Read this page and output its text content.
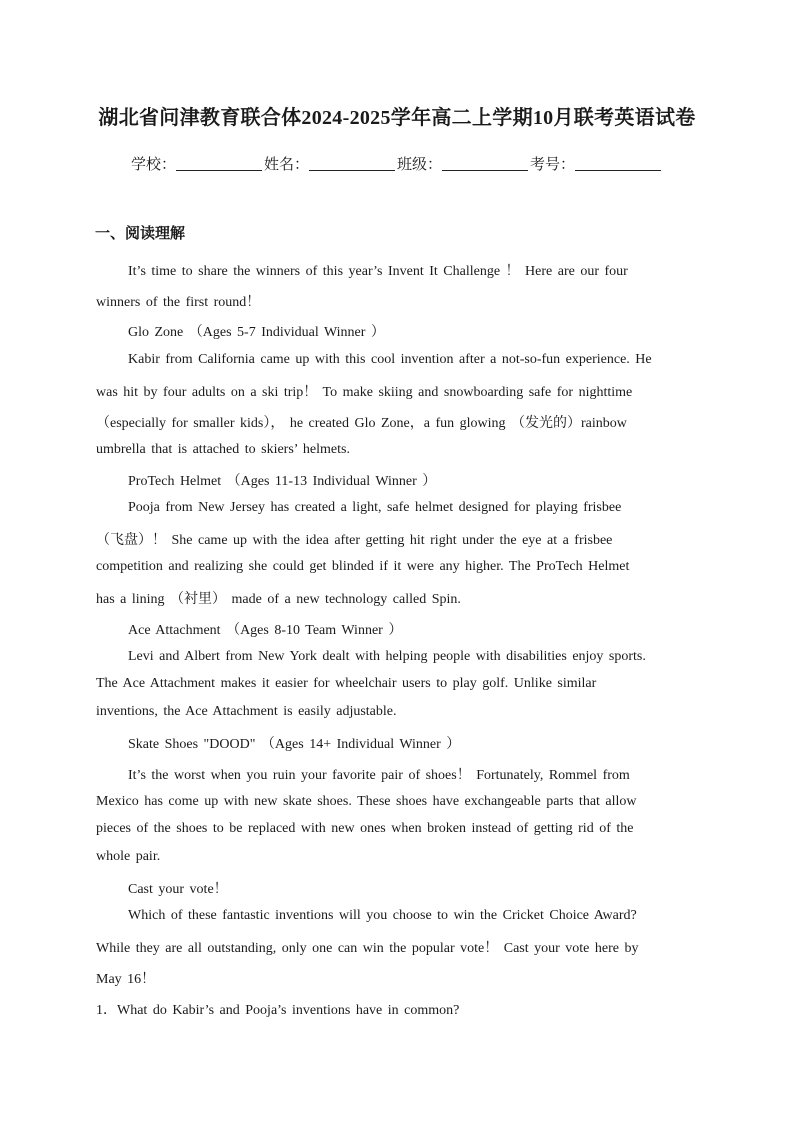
湖北省问津教育联合体2024-2025学年高二上学期10月联考英语试卷
学校：	姓名：	班级：	考号：
一、阅读理解
It’s time to share the winners of this year’s Invent It Challenge ！ Here are our four
winners of the first round！
Glo Zone （Ages 5-7 Individual Winner ）
Kabir from California came up with this cool invention after a not-so-fun experience. He
was hit by four adults on a ski trip！ To make skiing and snowboarding safe for nighttime
（especially for smaller kids）， he created Glo Zone，a fun glowing （发光的）rainbow
umbrella that is attached to skiers’ helmets.
ProTech Helmet （Ages 11-13 Individual Winner ）
Pooja from New Jersey has created a light, safe helmet designed for playing frisbee
（飞盘）！ She came up with the idea after getting hit right under the eye at a frisbee
competition and realizing she could get blinded if it were any higher. The ProTech Helmet
has a lining （衬里） made of a new technology called Spin.
Ace Attachment （Ages 8-10 Team Winner ）
Levi and Albert from New York dealt with helping people with disabilities enjoy sports.
The Ace Attachment makes it easier for wheelchair users to play golf. Unlike similar
inventions, the Ace Attachment is easily adjustable.
Skate Shoes "DOOD" （Ages 14+ Individual Winner ）
It’s the worst when you ruin your favorite pair of shoes！ Fortunately, Rommel from
Mexico has come up with new skate shoes. These shoes have exchangeable parts that allow
pieces of the shoes to be replaced with new ones when broken instead of getting rid of the
whole pair.
Cast your vote！
Which of these fantastic inventions will you choose to win the Cricket Choice Award?
While they are all outstanding, only one can win the popular vote！ Cast your vote here by
May 16！
1．What do Kabir’s and Pooja’s inventions have in common?
